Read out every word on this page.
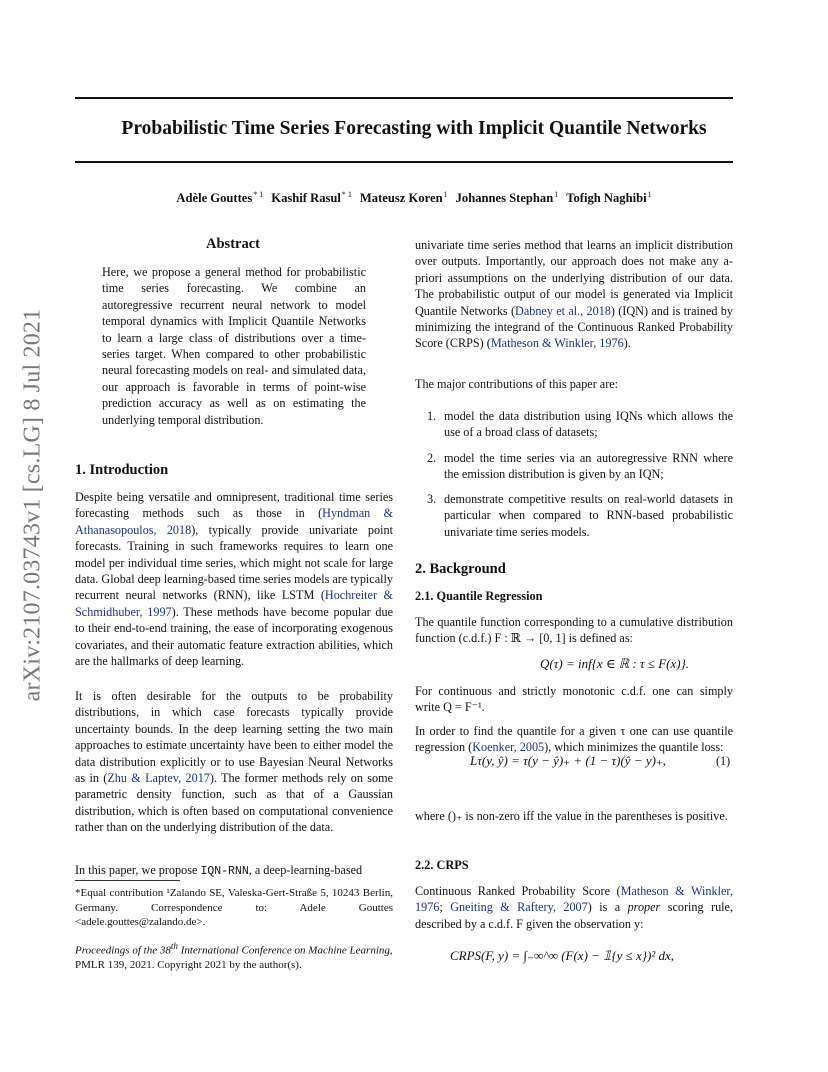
Probabilistic Time Series Forecasting with Implicit Quantile Networks
Adèle Gouttes$^{* 1}$ Kashif Rasul$^{* 1}$ Mateusz Koren$^1$ Johannes Stephan$^1$ Tofigh Naghibi$^1$
arXiv:2107.03743v1 [cs.LG] 8 Jul 2021
Abstract

Here, we propose a general method for probabilistic time series forecasting. We combine an autoregressive recurrent neural network to model temporal dynamics with Implicit Quantile Networks to learn a large class of distributions over a time-series target. When compared to other probabilistic neural forecasting models on real- and simulated data, our approach is favorable in terms of point-wise prediction accuracy as well as on estimating the underlying temporal distribution.

1. Introduction

Despite being versatile and omnipresent, traditional time series forecasting methods such as those in (Hyndman & Athanasopoulos, 2018), typically provide univariate point forecasts. Training in such frameworks requires to learn one model per individual time series, which might not scale for large data. Global deep learning-based time series models are typically recurrent neural networks (RNN), like LSTM (Hochreiter & Schmidhuber, 1997). These methods have become popular due to their end-to-end training, the ease of incorporating exogenous covariates, and their automatic feature extraction abilities, which are the hallmarks of deep learning.

It is often desirable for the outputs to be probability distributions, in which case forecasts typically provide uncertainty bounds. In the deep learning setting the two main approaches to estimate uncertainty have been to either model the data distribution explicitly or to use Bayesian Neural Networks as in (Zhu & Laptev, 2017). The former methods rely on some parametric density function, such as that of a Gaussian distribution, which is often based on computational convenience rather than on the underlying distribution of the data.

In this paper, we propose IQN-RNN, a deep-learning-based

*Equal contribution ¹Zalando SE, Valeska-Gert-Straße 5, 10243 Berlin, Germany. Correspondence to: Adele Gouttes <adele.gouttes@zalando.de>.
Proceedings of the 38th International Conference on Machine Learning, PMLR 139, 2021. Copyright 2021 by the author(s).

univariate time series method that learns an implicit distribution over outputs. Importantly, our approach does not make any a-priori assumptions on the underlying distribution of our data. The probabilistic output of our model is generated via Implicit Quantile Networks (Dabney et al., 2018) (IQN) and is trained by minimizing the integrand of the Continuous Ranked Probability Score (CRPS) (Matheson & Winkler, 1976).

The major contributions of this paper are:
1. model the data distribution using IQNs which allows the use of a broad class of datasets;
2. model the time series via an autoregressive RNN where the emission distribution is given by an IQN;
3. demonstrate competitive results on real-world datasets in particular when compared to RNN-based probabilistic univariate time series models.
2. Background
2.1. Quantile Regression
The quantile function corresponding to a cumulative distribution function (c.d.f.) F : ℝ → [0, 1] is defined as:
Q(τ) = inf{x ∈ ℝ : τ ≤ F(x)}.
For continuous and strictly monotonic c.d.f. one can simply write Q = F⁻¹.

In order to find the quantile for a given τ one can use quantile regression (Koenker, 2005), which minimizes the quantile loss:

Lτ(y, ŷ) = τ(y − ŷ)₊ + (1 − τ)(ŷ − y)₊,	(1)
where ()₊ is non-zero iff the value in the parentheses is positive.
2.2. CRPS

Continuous Ranked Probability Score (Matheson & Winkler, 1976; Gneiting & Raftery, 2007) is a proper scoring rule, described by a c.d.f. F given the observation y:

CRPS(F, y) = ∫₋∞^∞ (F(x) − 𝟙{y ≤ x})² dx,
